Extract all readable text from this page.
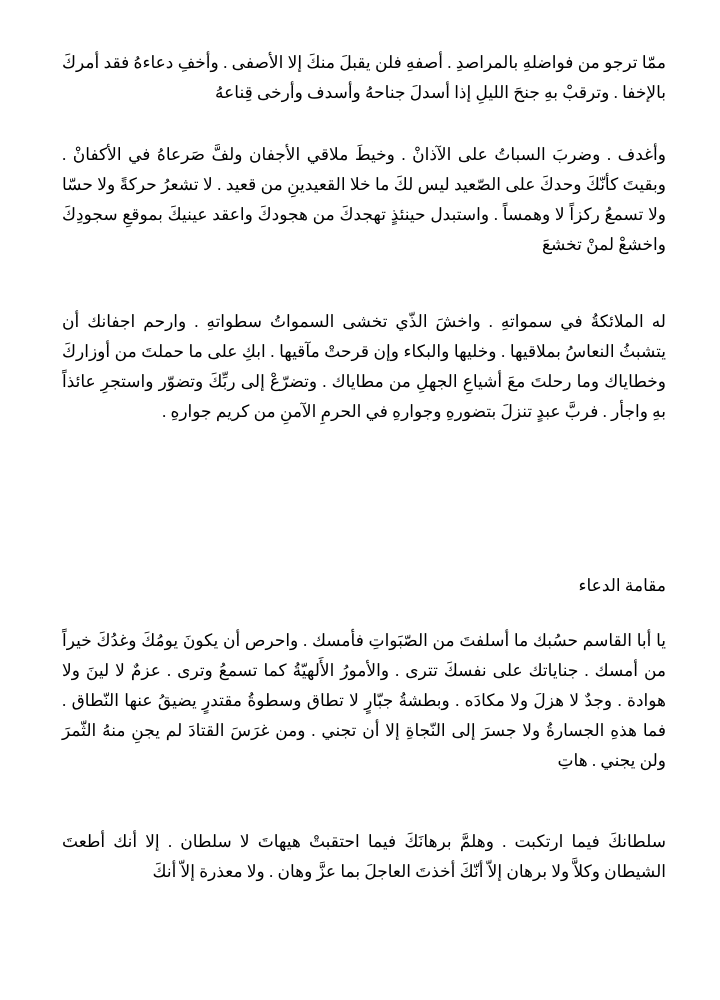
ممّا ترجو من فواضلهِ بالمراصدِ . أصفهِ فلن يقبلَ منكَ إلا الأصفى . وأخفِ دعاءهُ فقد أمركَ بالإخفا . وترقبْ بهِ جنحَ الليلِ إذا أسدلَ جناحهُ وأسدف وأرخى قِناعهُ

وأغدف . وضربَ السباتُ على الآذانْ . وخيطَ ملاقي الأجفان ولفَّ صَرعاهُ في الأكفانْ . وبقيتَ كأنّكَ وحدكَ على الصّعيد ليس لكَ ما خلا القعيدينِ من قعيد . لا تشعرُ حركةً ولا حسّا ولا تسمعُ ركزاً لا وهمساً . واستبدل حينئذٍ تهجدكَ من هجودكَ واعقد عينيكَ بموقعِ سجودِكَ واخشعْ لمنْ تخشعَ

له الملائكةُ في سمواتهِ . واخشَ الذّي تخشى السمواتُ سطواتهِ . وارحم اجفانك أن يتشبثُ النعاسُ بملاقيها . وخليها والبكاء وإن قرحتْ مآقيها . ابكِ على ما حملتَ من أوزاركَ وخطاياك وما رحلتَ معَ أشياعِ الجهلِ من مطاياك . وتضرّعْ إلى ربِّكَ وتضوّر واستجرِ عائذاً بهِ واجأر . فربَّ عبدٍ تنزلَ بتضورهِ وجوارهِ في الحرمِ الآمنِ من كريم جوارهِ .

مقامة الدعاء

يا أبا القاسم حسُبك ما أسلفتَ من الصّبَواتِ فأمسك . واحرص أن يكونَ يومُكَ وغدُكَ خيراً من أمسك . جناياتك على نفسكَ تترى . والأمورُ الأَلهيّةُ كما تسمعُ وترى . عزمٌ لا لينَ ولا هوادة . وجدٌ لا هزلَ ولا مكادَه . وبطشةُ جبّارٍ لا تطاق وسطوةُ مقتدرٍ يضيقُ عنها النّطاق . فما هذهِ الجسارةُ ولا جسرَ إلى النّجاةِ إلا أن تجني . ومن غرَسَ القتادَ لم يجنِ منهُ الثّمرَ ولن يجني . هاتِ

سلطانكَ فيما ارتكبت . وهلمَّ برهانَكَ فيما احتقبتْ هيهاتَ لا سلطان . إلا أنك أطعتَ الشيطان وكلاَّ ولا برهان إلاّ أنّكَ أخذتَ العاجلَ بما عزَّ وهان . ولا معذرة إلاّ أنكَ
